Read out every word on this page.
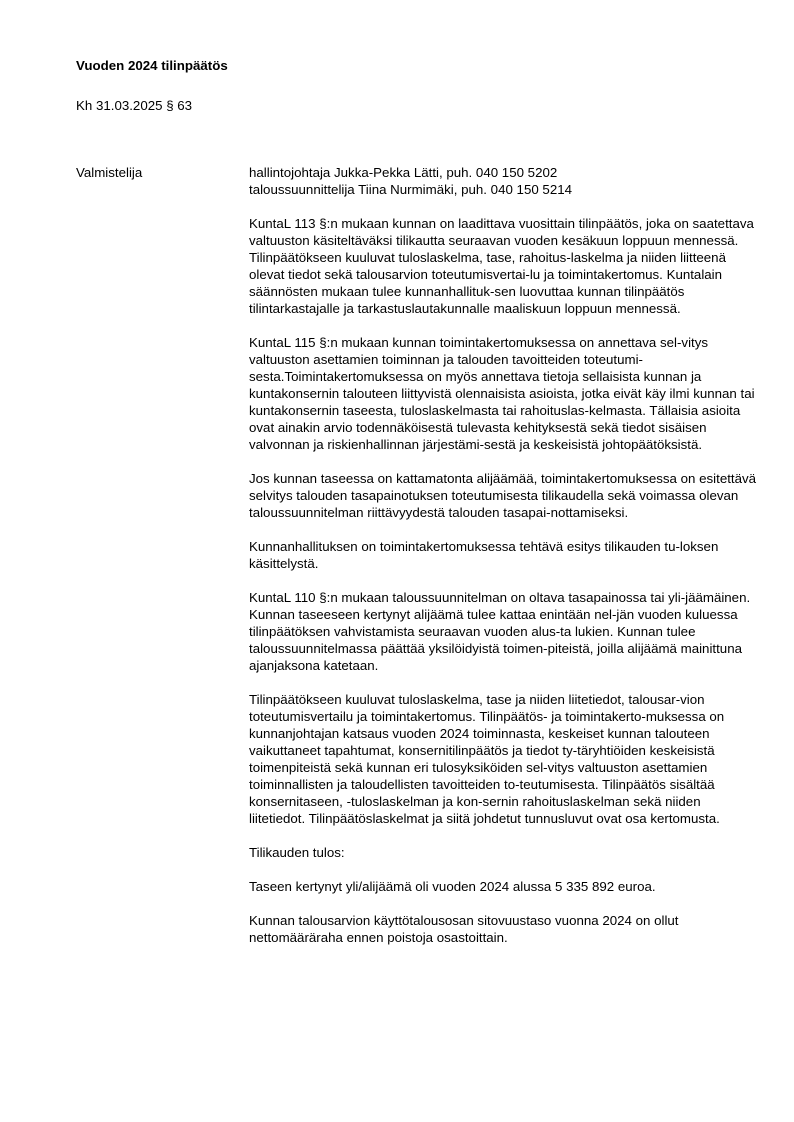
Vuoden 2024 tilinpäätös
Kh 31.03.2025 § 63
Valmistelija	hallintojohtaja Jukka-Pekka Lätti, puh. 040 150 5202
taloussuunnittelija Tiina Nurmimäki, puh. 040 150 5214

KuntaL 113 §:n mukaan kunnan on laadittava vuosittain tilinpäätös, joka on saatettava valtuuston käsiteltäväksi tilikautta seuraavan vuoden kesäkuun loppuun mennessä. Tilinpäätökseen kuuluvat tuloslaskelma, tase, rahoitus-laskelma ja niiden liitteenä olevat tiedot sekä talousarvion toteutumisvertai-lu ja toimintakertomus. Kuntalain säännösten mukaan tulee kunnanhallituk-sen luovuttaa kunnan tilinpäätös tilintarkastajalle ja tarkastuslautakunnalle maaliskuun loppuun mennessä.

KuntaL 115 §:n mukaan kunnan toimintakertomuksessa on annettava sel-vitys valtuuston asettamien toiminnan ja talouden tavoitteiden toteutumi-sesta.Toimintakertomuksessa on myös annettava tietoja sellaisista kunnan ja kuntakonsernin talouteen liittyvistä olennaisista asioista, jotka eivät käy ilmi kunnan tai kuntakonsernin taseesta, tuloslaskelmasta tai rahoituslas-kelmasta. Tällaisia asioita ovat ainakin arvio todennäköisestä tulevasta kehityksestä sekä tiedot sisäisen valvonnan ja riskienhallinnan järjestämi-sestä ja keskeisistä johtopäätöksistä.

Jos kunnan taseessa on kattamatonta alijäämää, toimintakertomuksessa on esitettävä selvitys talouden tasapainotuksen toteutumisesta tilikaudella sekä voimassa olevan taloussuunnitelman riittävyydestä talouden tasapai-nottamiseksi.

Kunnanhallituksen on toimintakertomuksessa tehtävä esitys tilikauden tu-loksen käsittelystä.

KuntaL 110 §:n mukaan taloussuunnitelman on oltava tasapainossa tai yli-jäämäinen. Kunnan taseeseen kertynyt alijäämä tulee kattaa enintään nel-jän vuoden kuluessa tilinpäätöksen vahvistamista seuraavan vuoden alus-ta lukien. Kunnan tulee taloussuunnitelmassa päättää yksilöidyistä toimen-piteistä, joilla alijäämä mainittuna ajanjaksona katetaan.

Tilinpäätökseen kuuluvat tuloslaskelma, tase ja niiden liitetiedot, talousar-vion toteutumisvertailu ja toimintakertomus. Tilinpäätös- ja toimintakerto-muksessa on kunnanjohtajan katsaus vuoden 2024 toiminnasta, keskeiset kunnan talouteen vaikuttaneet tapahtumat, konsernitilinpäätös ja tiedot ty-täryhtiöiden keskeisistä toimenpiteistä sekä kunnan eri tulosyksiköiden sel-vitys valtuuston asettamien toiminnallisten ja taloudellisten tavoitteiden to-teutumisesta. Tilinpäätös sisältää konsernitaseen, -tuloslaskelman ja kon-sernin rahoituslaskelman sekä niiden liitetiedot. Tilinpäätöslaskelmat ja siitä johdetut tunnusluvut ovat osa kertomusta.

Tilikauden tulos:

Taseen kertynyt yli/alijäämä oli vuoden 2024 alussa 5 335 892 euroa.

Kunnan talousarvion käyttötalousosan sitovuustaso vuonna 2024 on ollut nettomääräraha ennen poistoja osastoittain.
